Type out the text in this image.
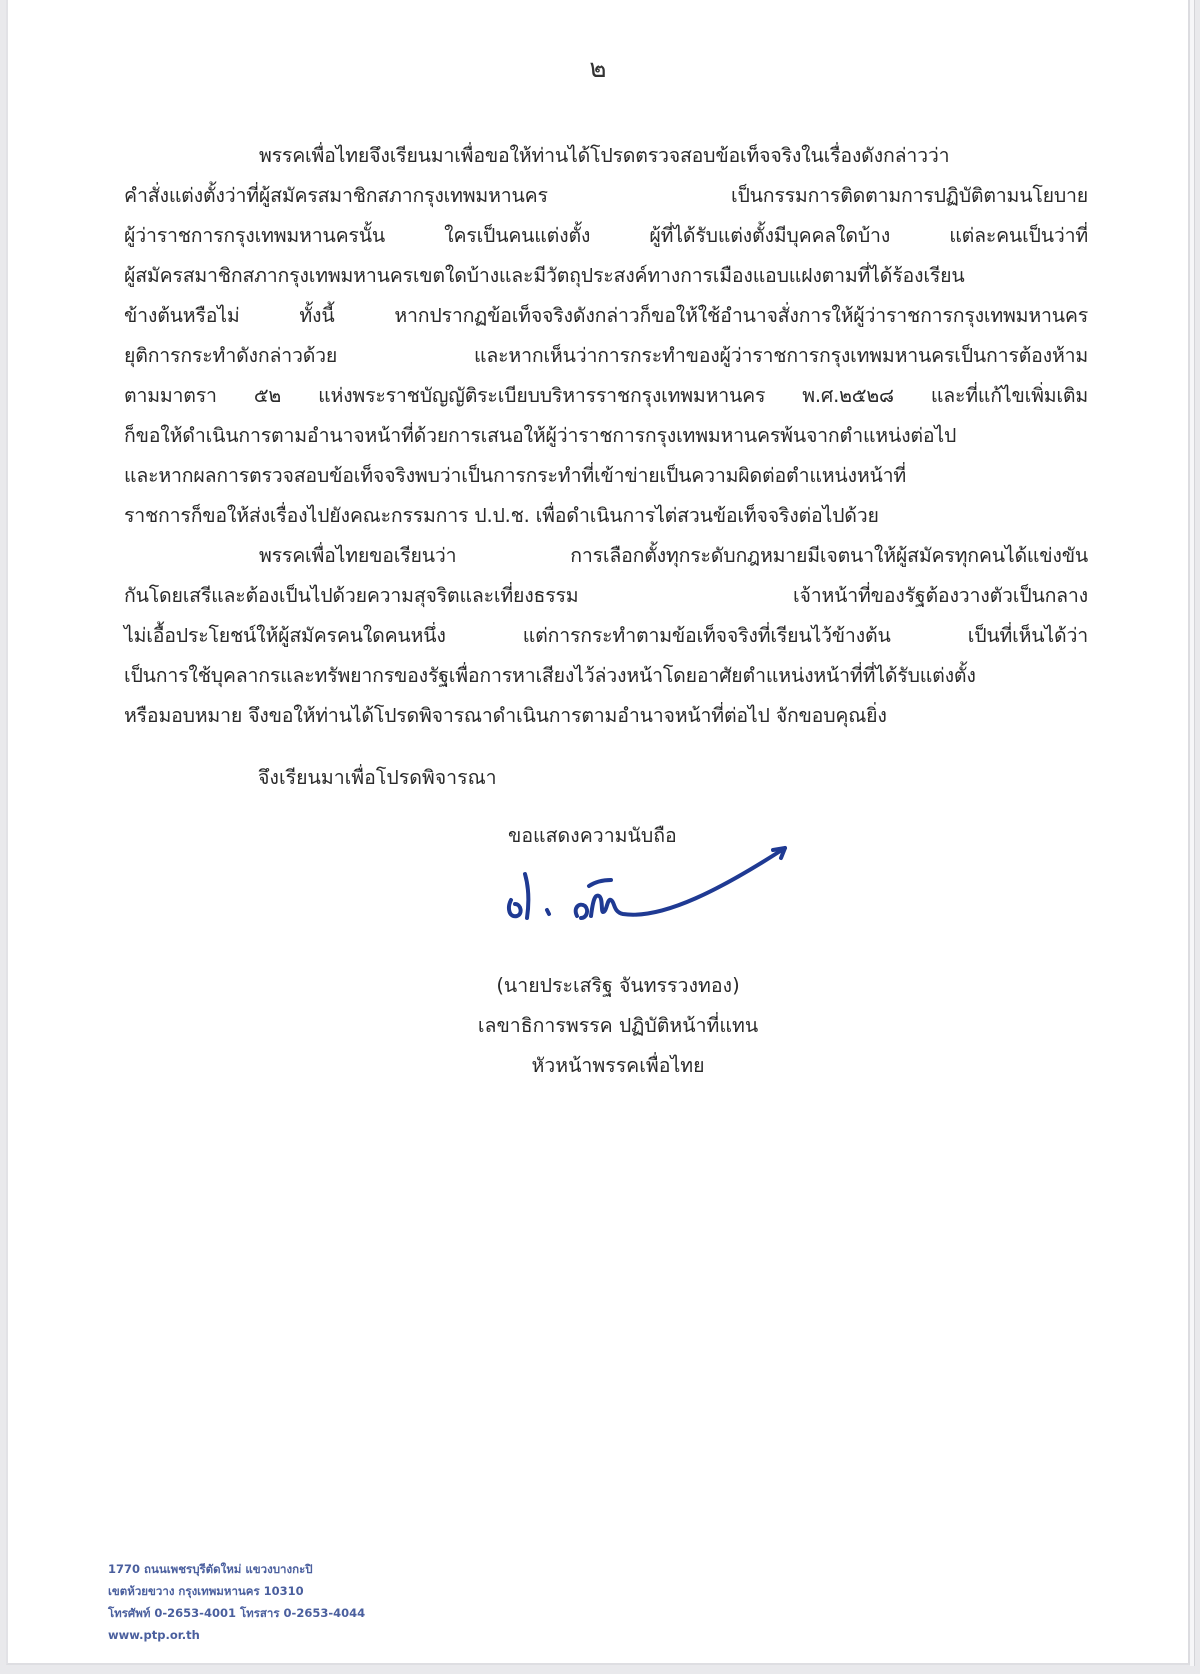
๒
พรรคเพื่อไทยจึงเรียนมาเพื่อขอให้ท่านได้โปรดตรวจสอบข้อเท็จจริงในเรื่องดังกล่าวว่า
คำสั่งแต่งตั้งว่าที่ผู้สมัครสมาชิกสภากรุงเทพมหานคร เป็นกรรมการติดตามการปฏิบัติตามนโยบาย
ผู้ว่าราชการกรุงเทพมหานครนั้น ใครเป็นคนแต่งตั้ง ผู้ที่ได้รับแต่งตั้งมีบุคคลใดบ้าง แต่ละคนเป็นว่าที่
ผู้สมัครสมาชิกสภากรุงเทพมหานครเขตใดบ้างและมีวัตถุประสงค์ทางการเมืองแอบแฝงตามที่ได้ร้องเรียน
ข้างต้นหรือไม่ ทั้งนี้ หากปรากฏข้อเท็จจริงดังกล่าวก็ขอให้ใช้อำนาจสั่งการให้ผู้ว่าราชการกรุงเทพมหานคร
ยุติการกระทำดังกล่าวด้วย และหากเห็นว่าการกระทำของผู้ว่าราชการกรุงเทพมหานครเป็นการต้องห้าม
ตามมาตรา ๕๒ แห่งพระราชบัญญัติระเบียบบริหารราชกรุงเทพมหานคร พ.ศ.๒๕๒๘ และที่แก้ไขเพิ่มเติม
ก็ขอให้ดำเนินการตามอำนาจหน้าที่ด้วยการเสนอให้ผู้ว่าราชการกรุงเทพมหานครพ้นจากตำแหน่งต่อไป
และหากผลการตรวจสอบข้อเท็จจริงพบว่าเป็นการกระทำที่เข้าข่ายเป็นความผิดต่อตำแหน่งหน้าที่
ราชการก็ขอให้ส่งเรื่องไปยังคณะกรรมการ ป.ป.ช. เพื่อดำเนินการไต่สวนข้อเท็จจริงต่อไปด้วย
พรรคเพื่อไทยขอเรียนว่า การเลือกตั้งทุกระดับกฎหมายมีเจตนาให้ผู้สมัครทุกคนได้แข่งขัน
กันโดยเสรีและต้องเป็นไปด้วยความสุจริตและเที่ยงธรรม เจ้าหน้าที่ของรัฐต้องวางตัวเป็นกลาง
ไม่เอื้อประโยชน์ให้ผู้สมัครคนใดคนหนึ่ง แต่การกระทำตามข้อเท็จจริงที่เรียนไว้ข้างต้น เป็นที่เห็นได้ว่า
เป็นการใช้บุคลากรและทรัพยากรของรัฐเพื่อการหาเสียงไว้ล่วงหน้าโดยอาศัยตำแหน่งหน้าที่ที่ได้รับแต่งตั้ง
หรือมอบหมาย จึงขอให้ท่านได้โปรดพิจารณาดำเนินการตามอำนาจหน้าที่ต่อไป จักขอบคุณยิ่ง
จึงเรียนมาเพื่อโปรดพิจารณา
ขอแสดงความนับถือ
(นายประเสริฐ จันทรรวงทอง)
เลขาธิการพรรค ปฏิบัติหน้าที่แทน
หัวหน้าพรรคเพื่อไทย
1770 ถนนเพชรบุรีตัดใหม่ แขวงบางกะปิ
เขตห้วยขวาง กรุงเทพมหานคร 10310
โทรศัพท์ 0-2653-4001 โทรสาร 0-2653-4044
www.ptp.or.th
